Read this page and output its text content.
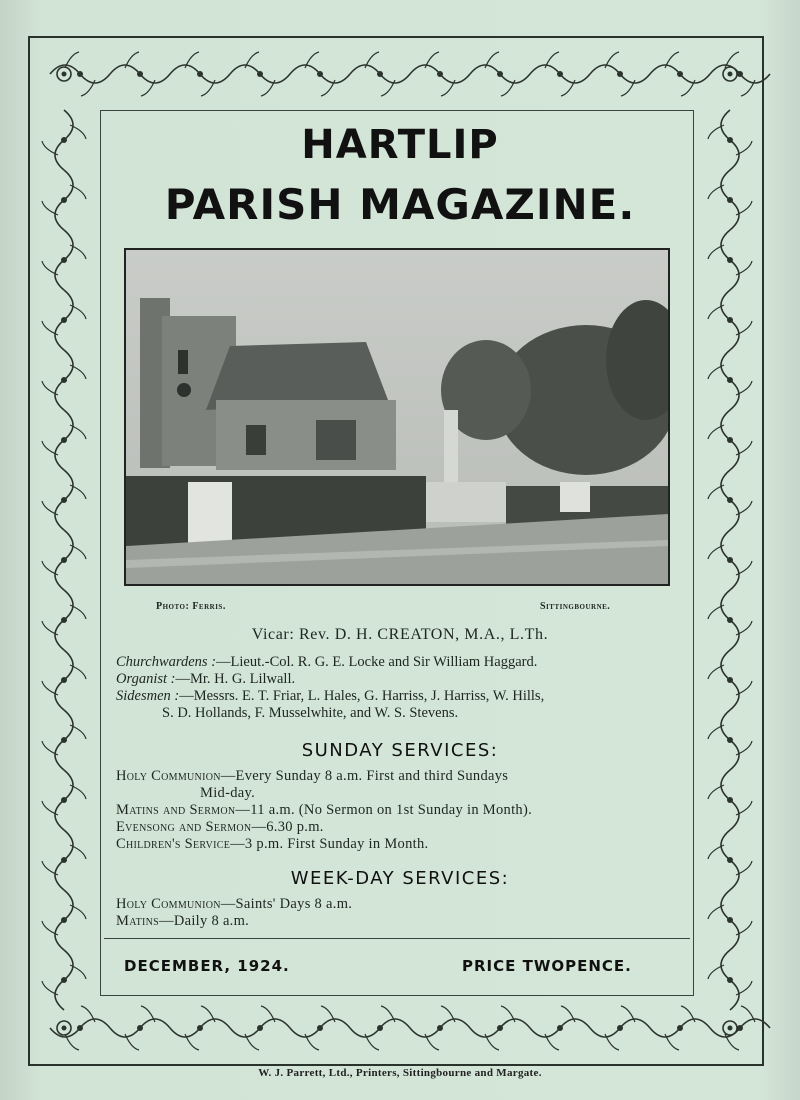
HARTLIP
PARISH MAGAZINE.
Photo: Ferris.	Sittingbourne.
Vicar: Rev. D. H. CREATON, M.A., L.Th.
Churchwardens :—Lieut.-Col. R. G. E. Locke and Sir William Haggard.
Organist :—Mr. H. G. Lilwall.
Sidesmen :—Messrs. E. T. Friar, L. Hales, G. Harriss, J. Harriss, W. Hills,
S. D. Hollands, F. Musselwhite, and W. S. Stevens.
SUNDAY SERVICES:
Holy Communion—Every Sunday 8 a.m. First and third Sundays
Mid-day.
Matins and Sermon—11 a.m. (No Sermon on 1st Sunday in Month).
Evensong and Sermon—6.30 p.m.
Children's Service—3 p.m. First Sunday in Month.
WEEK-DAY SERVICES:
Holy Communion—Saints' Days 8 a.m.
Matins—Daily 8 a.m.
DECEMBER, 1924.	PRICE TWOPENCE.
W. J. Parrett, Ltd., Printers, Sittingbourne and Margate.
